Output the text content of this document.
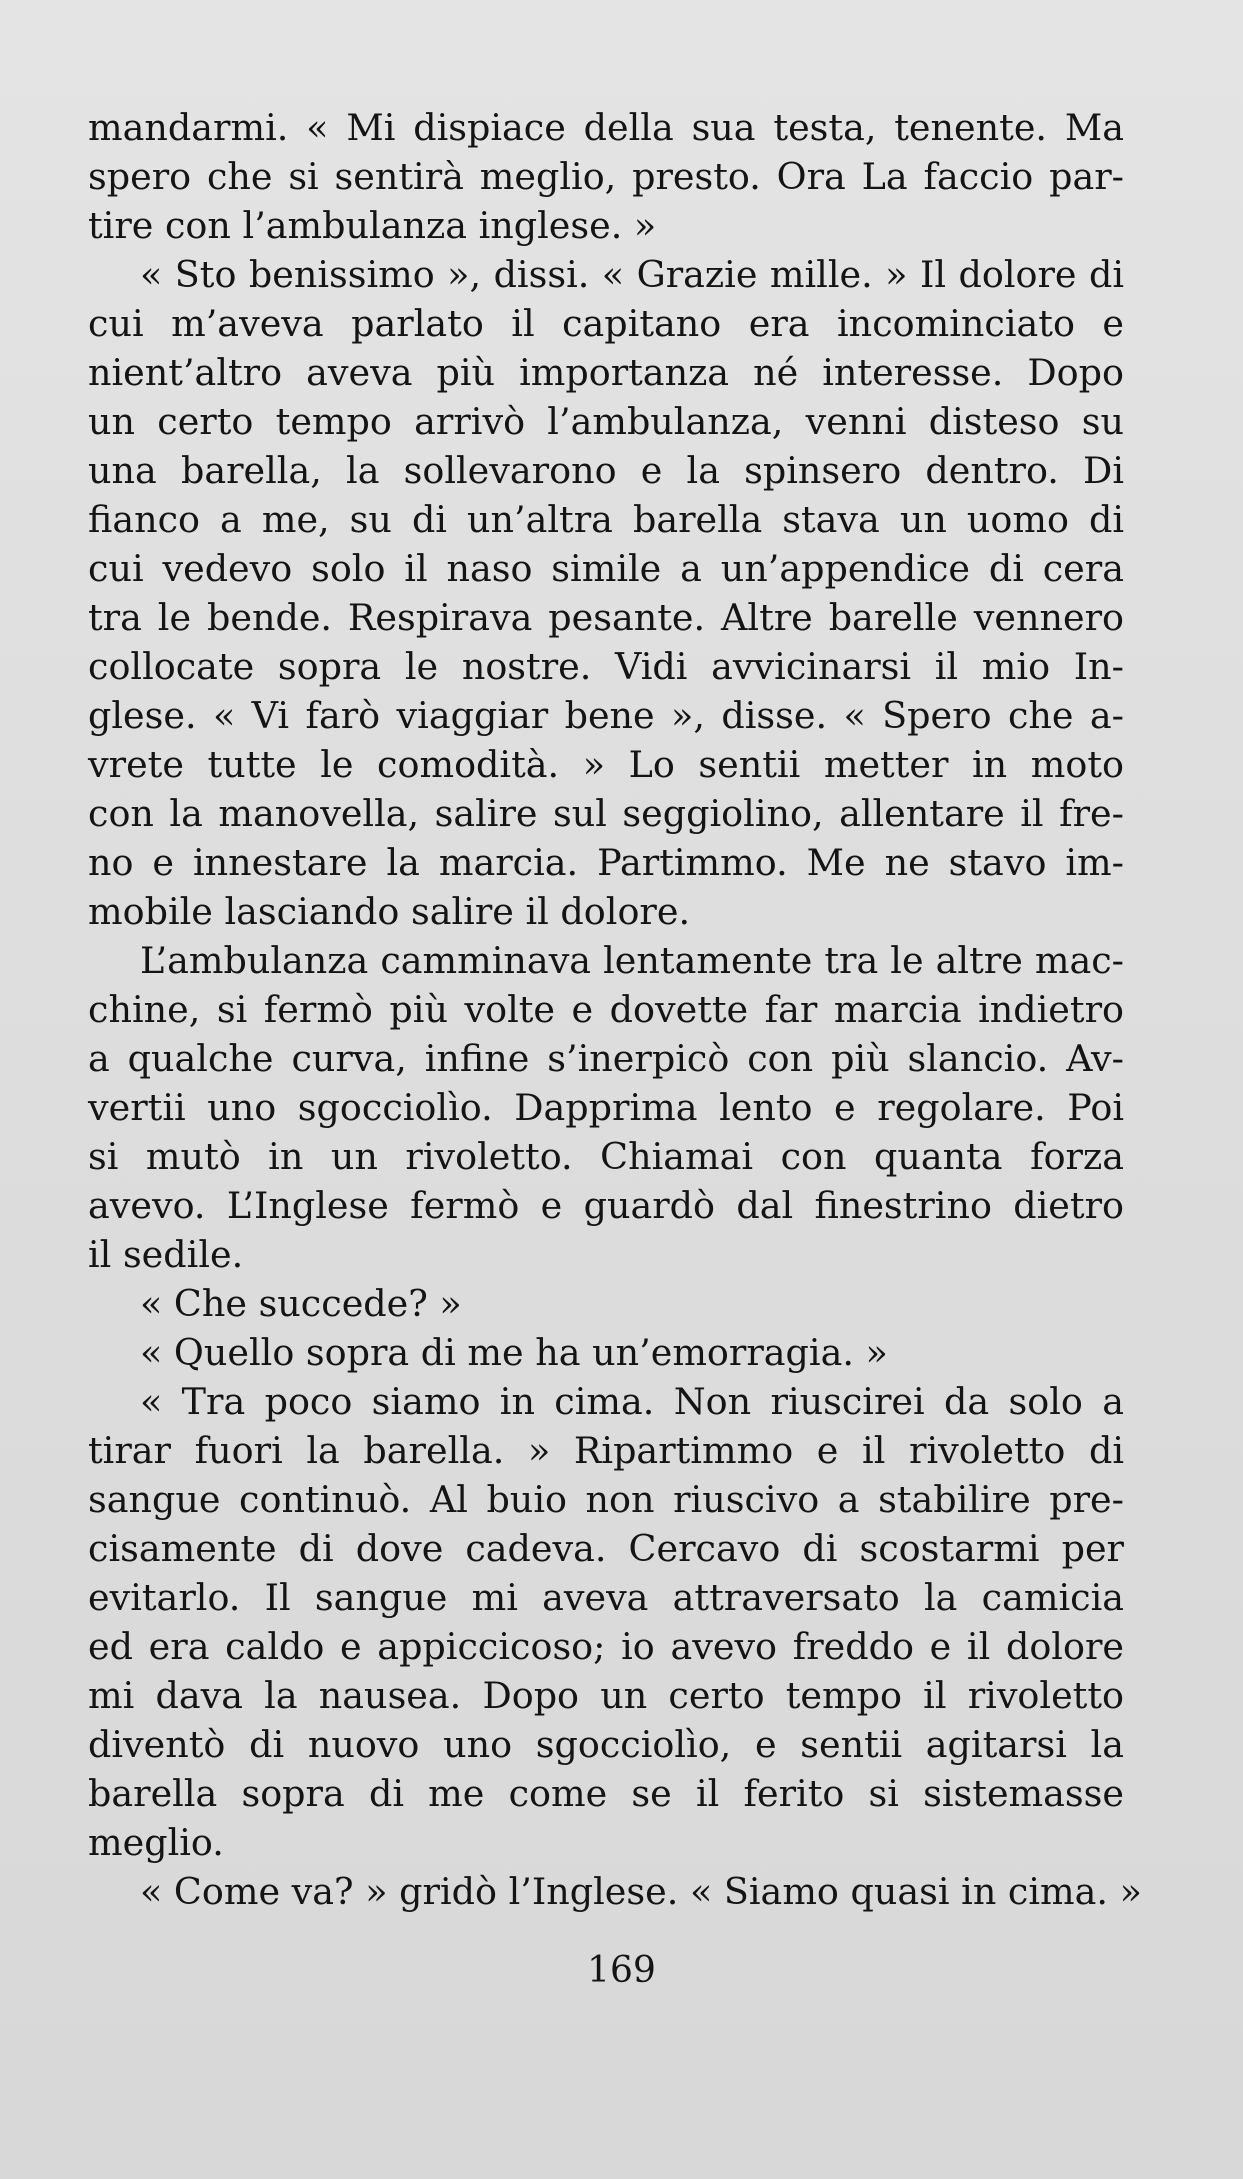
mandarmi. « Mi dispiace della sua testa, tenente. Ma
spero che si sentirà meglio, presto. Ora La faccio par-
tire con l’ambulanza inglese. »
« Sto benissimo », dissi. « Grazie mille. » Il dolore di
cui m’aveva parlato il capitano era incominciato e
nient’altro aveva più importanza né interesse. Dopo
un certo tempo arrivò l’ambulanza, venni disteso su
una barella, la sollevarono e la spinsero dentro. Di
fianco a me, su di un’altra barella stava un uomo di
cui vedevo solo il naso simile a un’appendice di cera
tra le bende. Respirava pesante. Altre barelle vennero
collocate sopra le nostre. Vidi avvicinarsi il mio In-
glese. « Vi farò viaggiar bene », disse. « Spero che a-
vrete tutte le comodità. » Lo sentii metter in moto
con la manovella, salire sul seggiolino, allentare il fre-
no e innestare la marcia. Partimmo. Me ne stavo im-
mobile lasciando salire il dolore.
L’ambulanza camminava lentamente tra le altre mac-
chine, si fermò più volte e dovette far marcia indietro
a qualche curva, infine s’inerpicò con più slancio. Av-
vertii uno sgocciolìo. Dapprima lento e regolare. Poi
si mutò in un rivoletto. Chiamai con quanta forza
avevo. L’Inglese fermò e guardò dal finestrino dietro
il sedile.
« Che succede? »
« Quello sopra di me ha un’emorragia. »
« Tra poco siamo in cima. Non riuscirei da solo a
tirar fuori la barella. » Ripartimmo e il rivoletto di
sangue continuò. Al buio non riuscivo a stabilire pre-
cisamente di dove cadeva. Cercavo di scostarmi per
evitarlo. Il sangue mi aveva attraversato la camicia
ed era caldo e appiccicoso; io avevo freddo e il dolore
mi dava la nausea. Dopo un certo tempo il rivoletto
diventò di nuovo uno sgocciolìo, e sentii agitarsi la
barella sopra di me come se il ferito si sistemasse
meglio.
« Come va? » gridò l’Inglese. « Siamo quasi in cima. »
169
